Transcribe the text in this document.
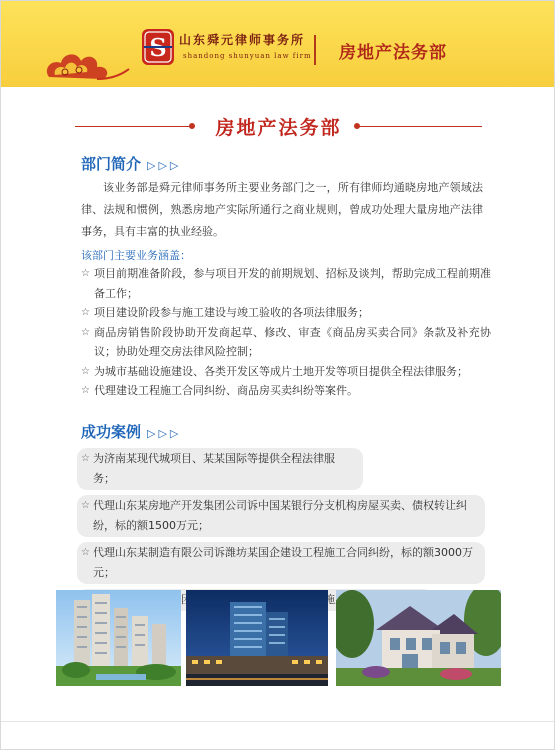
S 山东舜元律师事务所
shandong shunyuan law firm 房地产法务部
房地产法务部
部门简介 ▷▷▷

该业务部是舜元律师事务所主要业务部门之一，所有律师均通晓房地产领域法律、法规和惯例，熟悉房地产实际所通行之商业规则，曾成功处理大量房地产法律事务，具有丰富的执业经验。

该部门主要业务涵盖：
☆ 项目前期准备阶段，参与项目开发的前期规划、招标及谈判，帮助完成工程前期准备工作；
☆ 项目建设阶段参与施工建设与竣工验收的各项法律服务；
☆ 商品房销售阶段协助开发商起草、修改、审查《商品房买卖合同》条款及补充协议；协助处理交房法律风险控制；
☆ 为城市基础设施建设、各类开发区等成片土地开发等项目提供全程法律服务；
☆ 代理建设工程施工合同纠纷、商品房买卖纠纷等案件。
成功案例 ▷▷▷
☆ 为济南某现代城项目、某某国际等提供全程法律服务；
☆ 代理山东某房地产开发集团公司诉中国某银行分支机构房屋买卖、债权转让纠纷，标的额1500万元；
☆ 代理山东某制造有限公司诉潍坊某国企建设工程施工合同纠纷，标的额3000万元；
